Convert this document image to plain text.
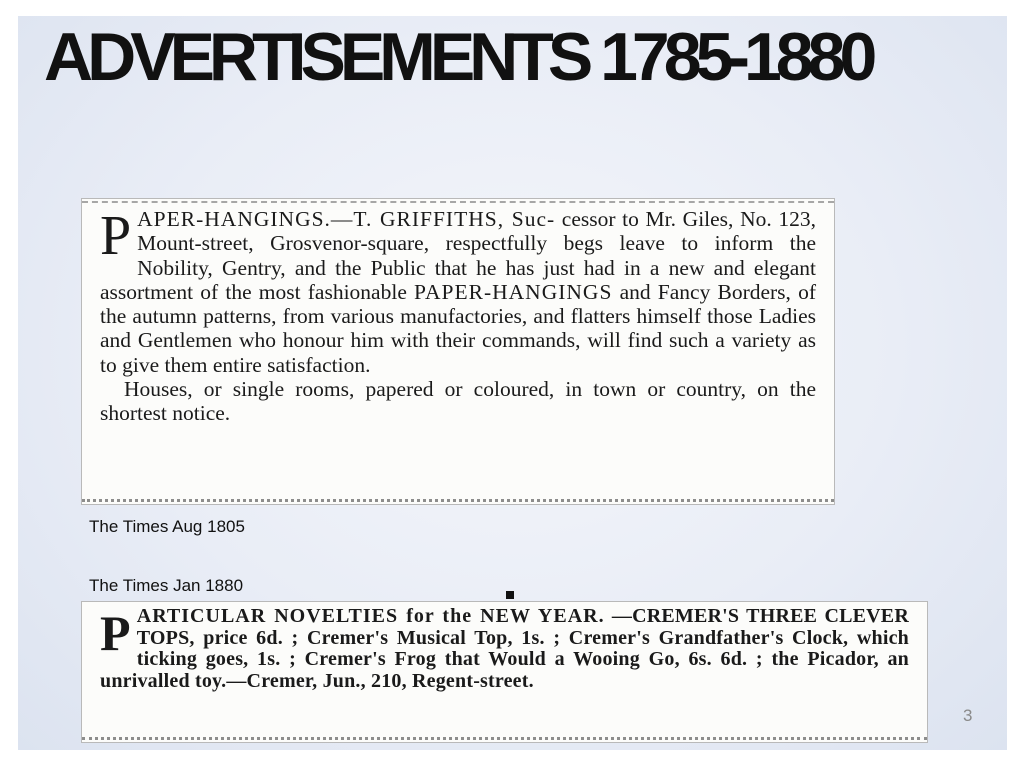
ADVERTISEMENTS 1785-1880

P APER-HANGINGS.—T. GRIFFITHS, Suc- cessor to Mr. Giles, No. 123, Mount-street, Grosvenor-square, respectfully begs leave to inform the Nobility, Gentry, and the Public that he has just had in a new and elegant assortment of the most fashionable PAPER-HANGINGS and Fancy Borders, of the autumn patterns, from various manufactories, and flatters himself those Ladies and Gentlemen who honour him with their commands, will find such a variety as to give them entire satisfaction.

Houses, or single rooms, papered or coloured, in town or country, on the shortest notice.

The Times Aug 1805
The Times Jan 1880

P ARTICULAR NOVELTIES for the NEW YEAR. —CREMER'S THREE CLEVER TOPS, price 6d. ; Cremer's Musical Top, 1s. ; Cremer's Grandfather's Clock, which ticking goes, 1s. ; Cremer's Frog that Would a Wooing Go, 6s. 6d. ; the Picador, an unrivalled toy.—Cremer, Jun., 210, Regent-street.

3
